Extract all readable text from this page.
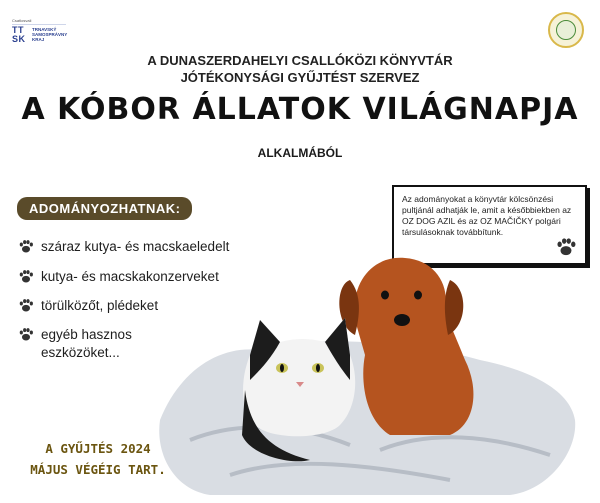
Csatlosvali
TT
SK
TRNAVSKÝ
SAMOSPRÁVNY
KRAJ
A DUNASZERDAHELYI CSALLÓKÖZI KÖNYVTÁR
JÓTÉKONYSÁGI GYŰJTÉST SZERVEZ
A KÓBOR ÁLLATOK VILÁGNAPJA
ALKALMÁBÓL
ADOMÁNYOZHATNAK:
Az adományokat a könyvtár kölcsönzési pultjánál adhatják le, amit a későbbiekben az OZ DOG AZIL és az OZ MAČIČKY polgári társulásoknak továbbítunk.
száraz kutya- és macskaeledelt
kutya- és macskakonzerveket
törülközőt, plédeket
egyéb hasznos
eszközöket...
A GYŰJTÉS 2024
MÁJUS VÉGÉIG TART.
